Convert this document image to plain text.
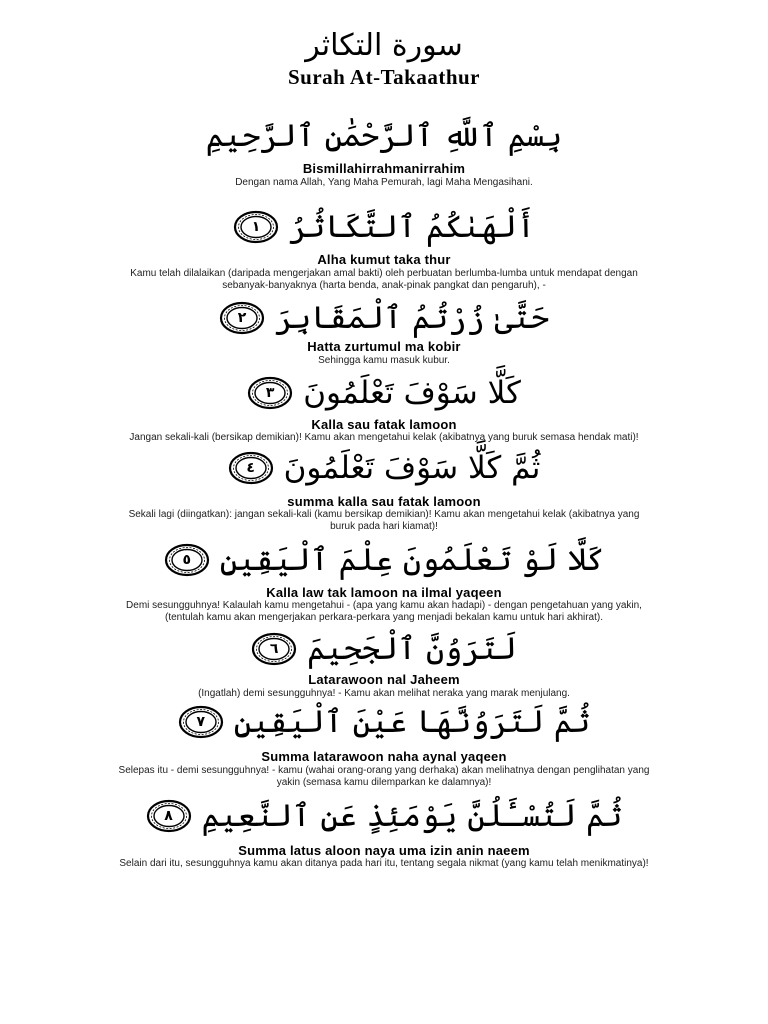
سورة التكاثر
Surah At-Takaathur
بِسْمِ ٱللَّهِ ٱلرَّحْمَٰنِ ٱلرَّحِيمِ
Bismillahirrahmanirrahim
Dengan nama Allah, Yang Maha Pemurah, lagi Maha Mengasihani.
أَلْهَىٰكُمُ ٱلتَّكَاثُرُ
١
Alha kumut taka thur
Kamu telah dilalaikan (daripada mengerjakan amal bakti) oleh perbuatan berlumba-lumba untuk mendapat dengan sebanyak-banyaknya (harta benda, anak-pinak pangkat dan pengaruh), -
حَتَّىٰ زُرْتُمُ ٱلْمَقَابِرَ
٢
Hatta zurtumul ma kobir
Sehingga kamu masuk kubur.
كَلَّا سَوْفَ تَعْلَمُونَ
٣
Kalla sau fatak lamoon
Jangan sekali-kali (bersikap demikian)! Kamu akan mengetahui kelak (akibatnya yang buruk semasa hendak mati)!
ثُمَّ كَلَّا سَوْفَ تَعْلَمُونَ
٤
summa kalla sau fatak lamoon
Sekali lagi (diingatkan): jangan sekali-kali (kamu bersikap demikian)! Kamu akan mengetahui kelak (akibatnya yang buruk pada hari kiamat)!
كَلَّا لَوْ تَعْلَمُونَ عِلْمَ ٱلْيَقِينِ
٥
Kalla law tak lamoon na ilmal yaqeen
Demi sesungguhnya! Kalaulah kamu mengetahui - (apa yang kamu akan hadapi) - dengan pengetahuan yang yakin, (tentulah kamu akan mengerjakan perkara-perkara yang menjadi bekalan kamu untuk hari akhirat).
لَتَرَوُنَّ ٱلْجَحِيمَ
٦
Latarawoon nal Jaheem
(Ingatlah) demi sesungguhnya! - Kamu akan melihat neraka yang marak menjulang.
ثُمَّ لَتَرَوُنَّهَا عَيْنَ ٱلْيَقِينِ
٧
Summa latarawoon naha aynal yaqeen
Selepas itu - demi sesungguhnya! - kamu (wahai orang-orang yang derhaka) akan melihatnya dengan penglihatan yang yakin (semasa kamu dilemparkan ke dalamnya)!
ثُمَّ لَتُسْـَٔلُنَّ يَوْمَئِذٍ عَنِ ٱلنَّعِيمِ
٨
Summa latus aloon naya uma izin anin naeem
Selain dari itu, sesungguhnya kamu akan ditanya pada hari itu, tentang segala nikmat (yang kamu telah menikmatinya)!
